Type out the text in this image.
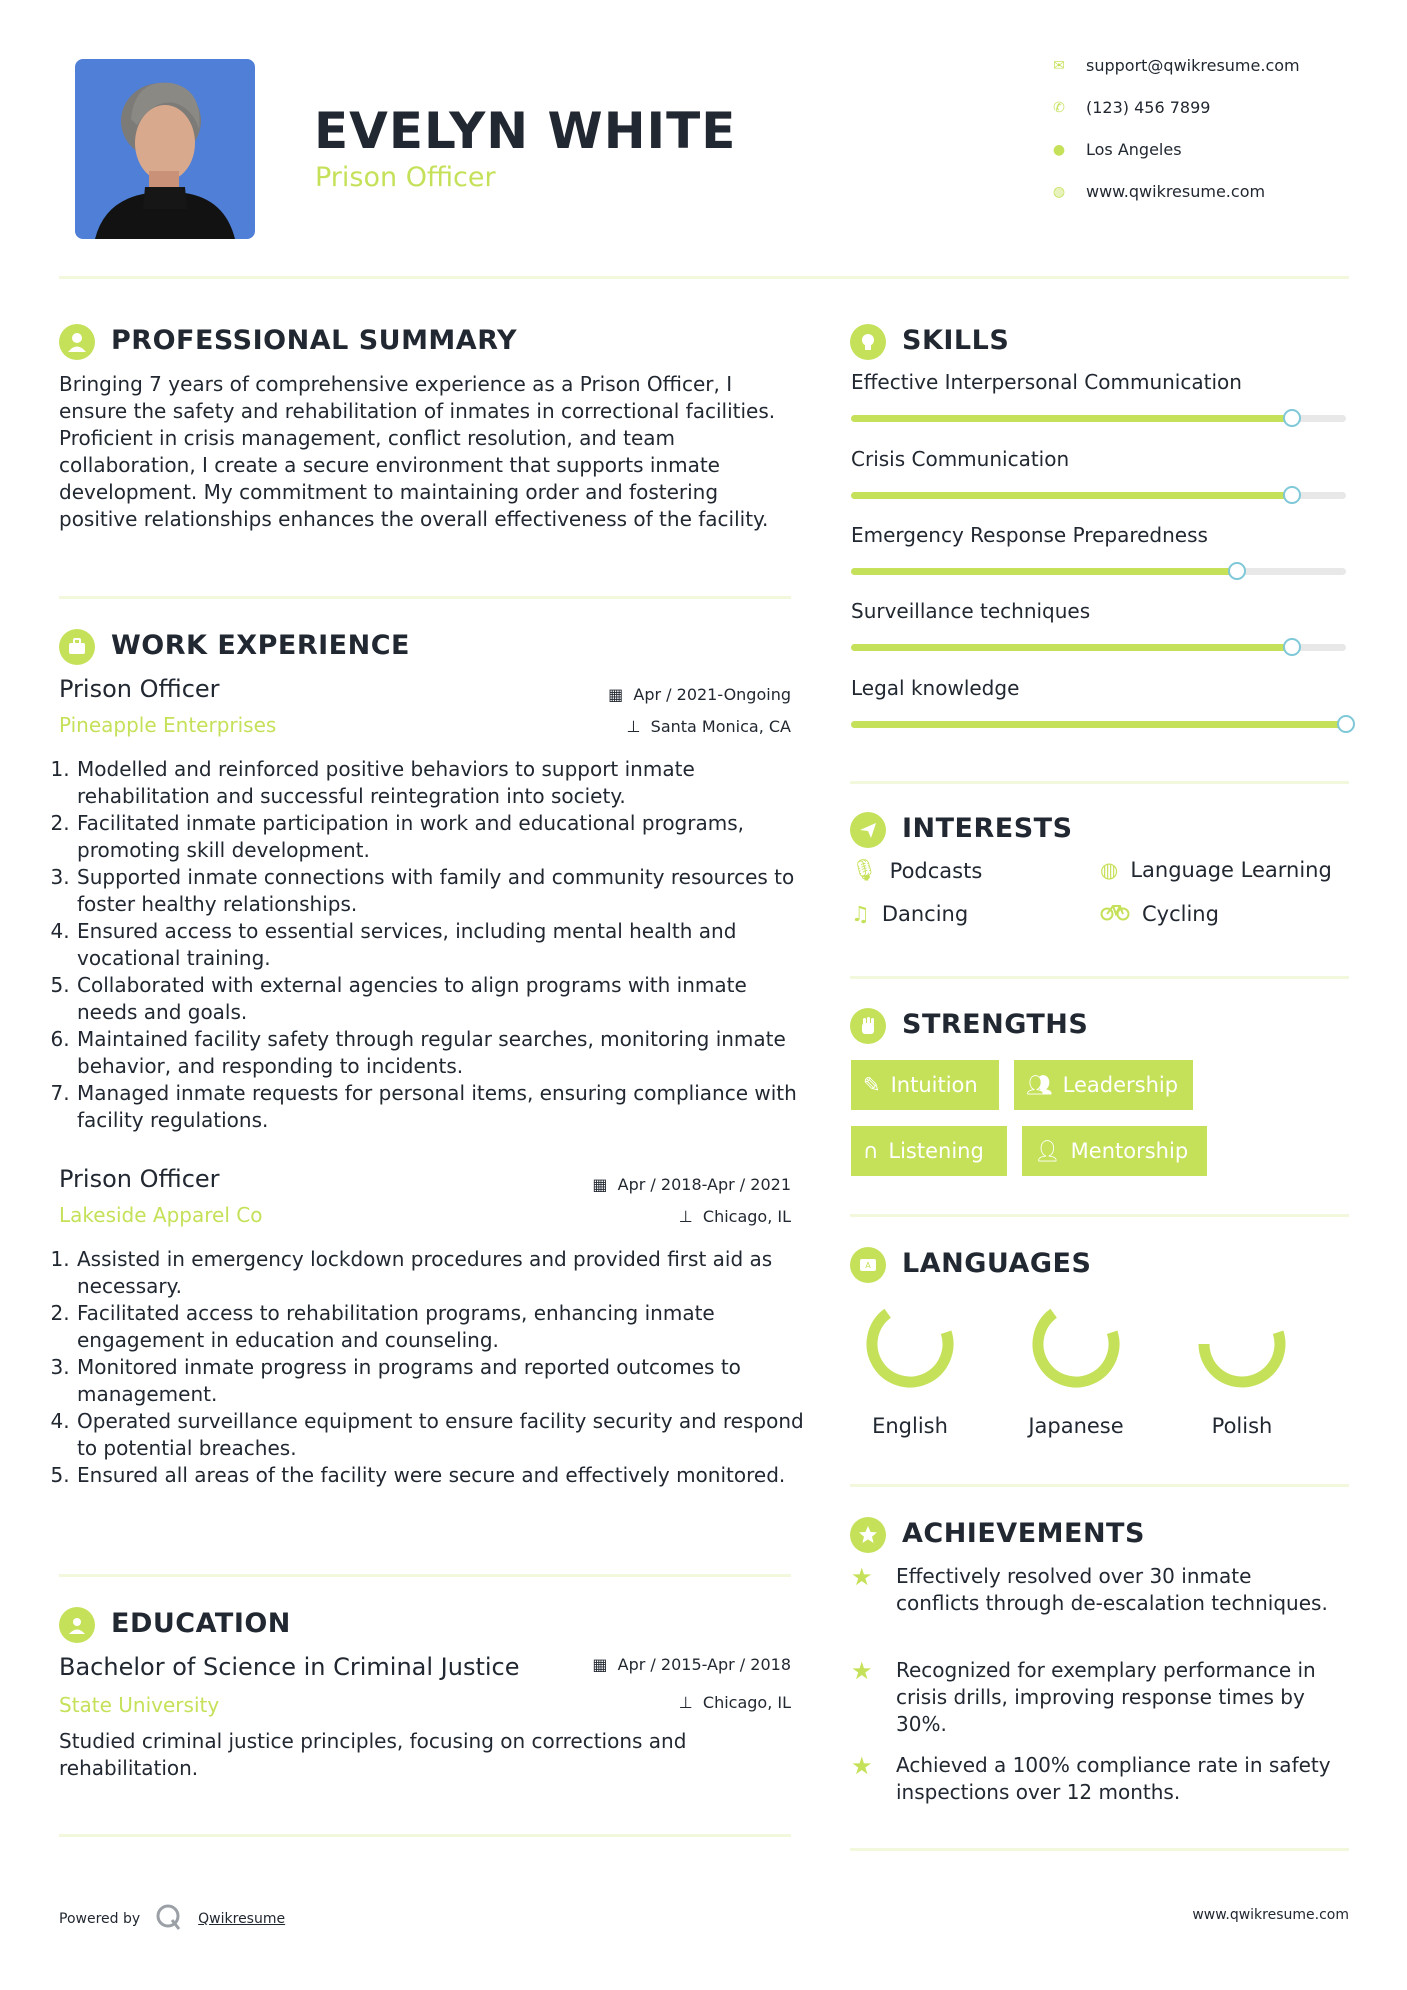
EVELYN WHITE
Prison Officer
✉ support@qwikresume.com
✆ (123) 456 7899
● Los Angeles
◍ www.qwikresume.com
PROFESSIONAL SUMMARY
Bringing 7 years of comprehensive experience as a Prison Officer, I ensure the safety and rehabilitation of inmates in correctional facilities. Proficient in crisis management, conflict resolution, and team collaboration, I create a secure environment that supports inmate development. My commitment to maintaining order and fostering positive relationships enhances the overall effectiveness of the facility.
WORK EXPERIENCE
Prison Officer
Pineapple Enterprises
▦ Apr / 2021-Ongoing
⊥ Santa Monica, CA
1. Modelled and reinforced positive behaviors to support inmate rehabilitation and successful reintegration into society.
2. Facilitated inmate participation in work and educational programs, promoting skill development.
3. Supported inmate connections with family and community resources to foster healthy relationships.
4. Ensured access to essential services, including mental health and vocational training.
5. Collaborated with external agencies to align programs with inmate needs and goals.
6. Maintained facility safety through regular searches, monitoring inmate behavior, and responding to incidents.
7. Managed inmate requests for personal items, ensuring compliance with facility regulations.
Prison Officer
Lakeside Apparel Co
▦ Apr / 2018-Apr / 2021
⊥ Chicago, IL
1. Assisted in emergency lockdown procedures and provided first aid as necessary.
2. Facilitated access to rehabilitation programs, enhancing inmate engagement in education and counseling.
3. Monitored inmate progress in programs and reported outcomes to management.
4. Operated surveillance equipment to ensure facility security and respond to potential breaches.
5. Ensured all areas of the facility were secure and effectively monitored.
EDUCATION
Bachelor of Science in Criminal Justice
State University
▦ Apr / 2015-Apr / 2018
⊥ Chicago, IL
Studied criminal justice principles, focusing on corrections and rehabilitation.
SKILLS
Effective Interpersonal Communication
Crisis Communication
Emergency Response Preparedness
Surveillance techniques
Legal knowledge
INTERESTS
🎙︎ Podcasts	◍ Language Learning
♫ Dancing	Cycling
STRENGTHS
✎ Intuition 👥︎ Leadership
∩ Listening 👤︎ Mentorship
A LANGUAGES
English	Japanese	Polish
ACHIEVEMENTS
★	Effectively resolved over 30 inmate conflicts through de-escalation techniques.
★	Recognized for exemplary performance in crisis drills, improving response times by 30%.
★	Achieved a 100% compliance rate in safety inspections over 12 months.
Powered by	Qwikresume	www.qwikresume.com
